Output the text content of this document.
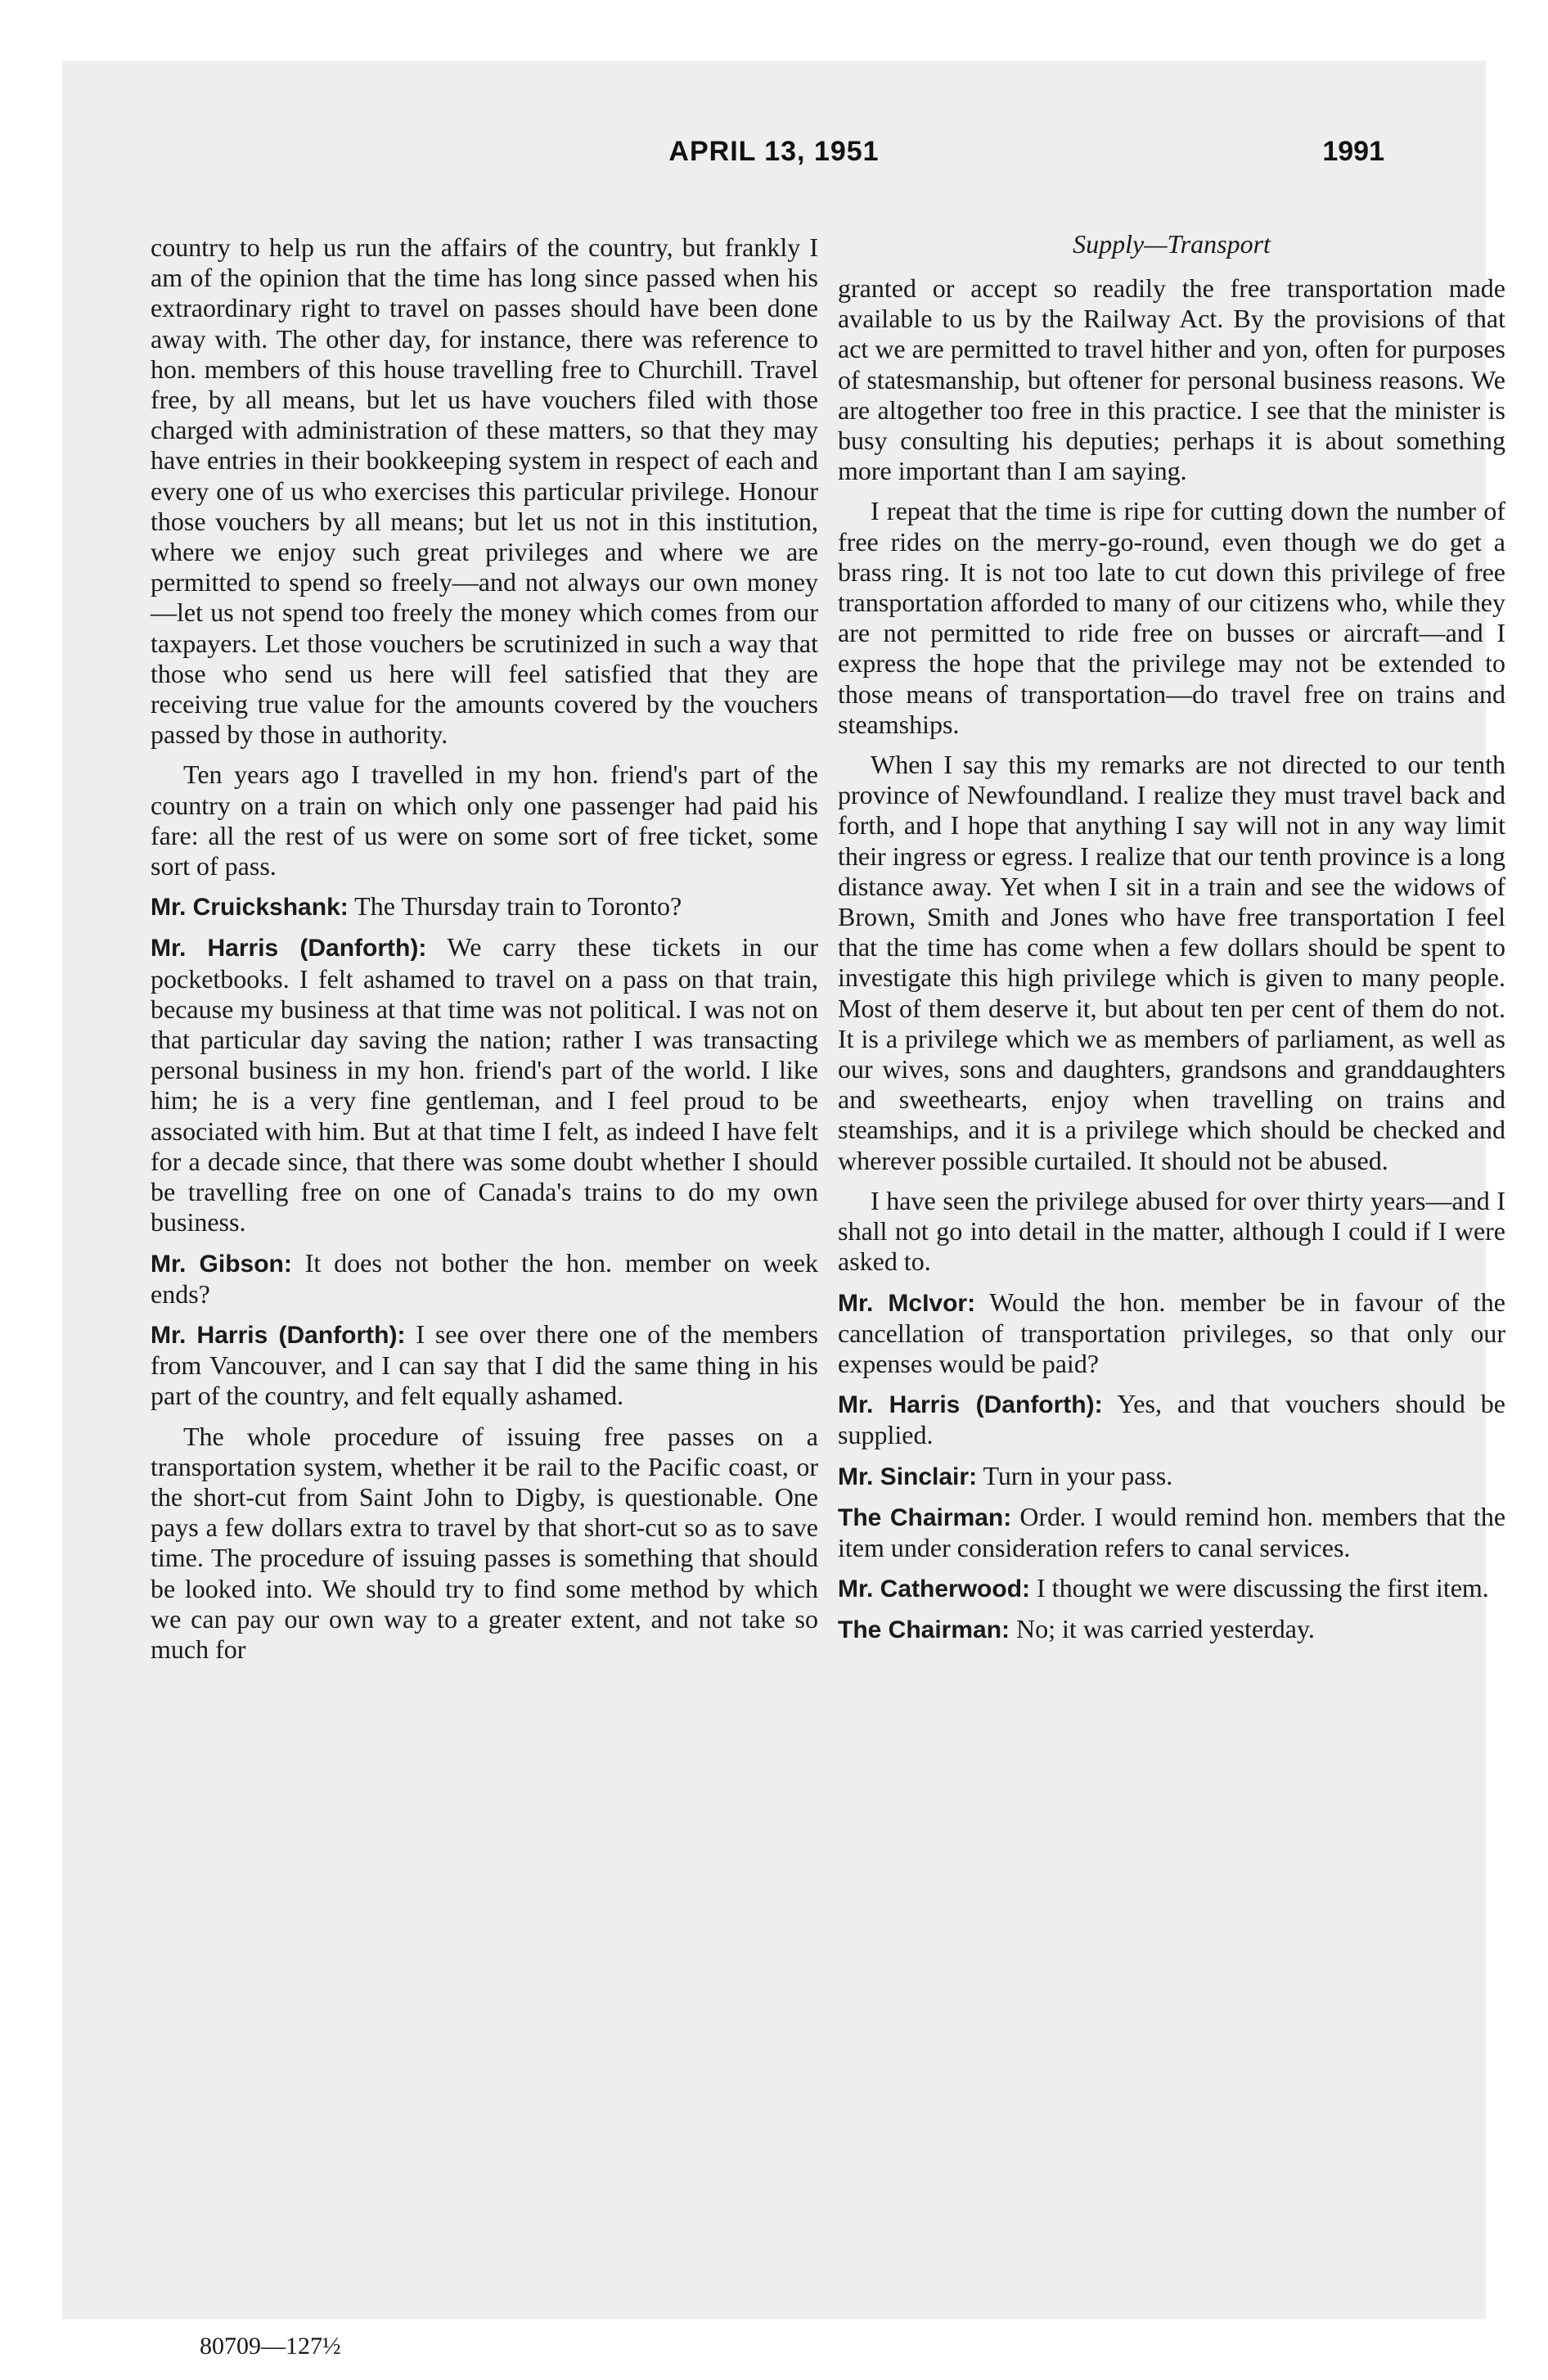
APRIL 13, 1951	1991

country to help us run the affairs of the country, but frankly I am of the opinion that the time has long since passed when his extraordinary right to travel on passes should have been done away with. The other day, for instance, there was reference to hon. members of this house travelling free to Churchill. Travel free, by all means, but let us have vouchers filed with those charged with administration of these matters, so that they may have entries in their bookkeeping system in respect of each and every one of us who exercises this particular privilege. Honour those vouchers by all means; but let us not in this institution, where we enjoy such great privileges and where we are permitted to spend so freely—and not always our own money—let us not spend too freely the money which comes from our taxpayers. Let those vouchers be scrutinized in such a way that those who send us here will feel satisfied that they are receiving true value for the amounts covered by the vouchers passed by those in authority.

Ten years ago I travelled in my hon. friend's part of the country on a train on which only one passenger had paid his fare: all the rest of us were on some sort of free ticket, some sort of pass.

Mr. Cruickshank: The Thursday train to Toronto?

Mr. Harris (Danforth): We carry these tickets in our pocketbooks. I felt ashamed to travel on a pass on that train, because my business at that time was not political. I was not on that particular day saving the nation; rather I was transacting personal business in my hon. friend's part of the world. I like him; he is a very fine gentleman, and I feel proud to be associated with him. But at that time I felt, as indeed I have felt for a decade since, that there was some doubt whether I should be travelling free on one of Canada's trains to do my own business.

Mr. Gibson: It does not bother the hon. member on week ends?

Mr. Harris (Danforth): I see over there one of the members from Vancouver, and I can say that I did the same thing in his part of the country, and felt equally ashamed.

The whole procedure of issuing free passes on a transportation system, whether it be rail to the Pacific coast, or the short-cut from Saint John to Digby, is questionable. One pays a few dollars extra to travel by that short-cut so as to save time. The procedure of issuing passes is something that should be looked into. We should try to find some method by which we can pay our own way to a greater extent, and not take so much for

Supply—Transport

granted or accept so readily the free transportation made available to us by the Railway Act. By the provisions of that act we are permitted to travel hither and yon, often for purposes of statesmanship, but oftener for personal business reasons. We are altogether too free in this practice. I see that the minister is busy consulting his deputies; perhaps it is about something more important than I am saying.

I repeat that the time is ripe for cutting down the number of free rides on the merry-go-round, even though we do get a brass ring. It is not too late to cut down this privilege of free transportation afforded to many of our citizens who, while they are not permitted to ride free on busses or aircraft—and I express the hope that the privilege may not be extended to those means of transportation—do travel free on trains and steamships.

When I say this my remarks are not directed to our tenth province of Newfoundland. I realize they must travel back and forth, and I hope that anything I say will not in any way limit their ingress or egress. I realize that our tenth province is a long distance away. Yet when I sit in a train and see the widows of Brown, Smith and Jones who have free transportation I feel that the time has come when a few dollars should be spent to investigate this high privilege which is given to many people. Most of them deserve it, but about ten per cent of them do not. It is a privilege which we as members of parliament, as well as our wives, sons and daughters, grandsons and granddaughters and sweethearts, enjoy when travelling on trains and steamships, and it is a privilege which should be checked and wherever possible curtailed. It should not be abused.

I have seen the privilege abused for over thirty years—and I shall not go into detail in the matter, although I could if I were asked to.

Mr. McIvor: Would the hon. member be in favour of the cancellation of transportation privileges, so that only our expenses would be paid?

Mr. Harris (Danforth): Yes, and that vouchers should be supplied.

Mr. Sinclair: Turn in your pass.

The Chairman: Order. I would remind hon. members that the item under consideration refers to canal services.

Mr. Catherwood: I thought we were discussing the first item.

The Chairman: No; it was carried yesterday.

80709—127½
